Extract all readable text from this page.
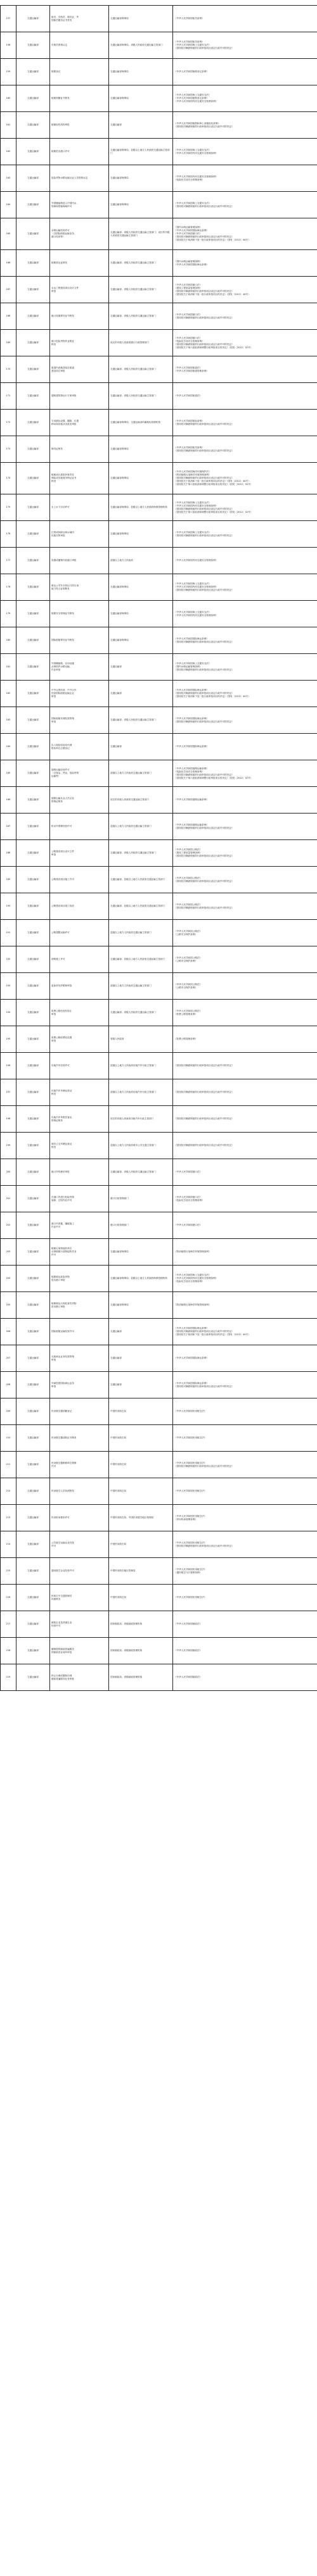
157	交通运输部	船员、引航员、海员证、外
国船员服务证书签发	交通运输部海事局	《中华人民共和国船员条例》

158	交通运输部	引航员资格认定	交通运输部海事局；省级人民政府交通运输主管部门	《中华人民共和国船员条例》
《中华人民共和国海上交通安全法》
《国务院对确需保留的行政审批项目设定行政许可的决定》

159	交通运输部	船舶登记	交通运输部海事局	《中华人民共和国船舶登记条例》

160	交通运输部	船舶国籍证书核发	交通运输部海事局	《中华人民共和国海上交通安全法》
《中华人民共和国船舶登记条例》
《中华人民共和国内河交通安全管理条例》

161	交通运输部	船舶检验机构审批	交通运输部	《中华人民共和国船舶和海上设施检验条例》
《国务院对确需保留的行政审批项目设定行政许可的决定》

162	交通运输部	船舶进出港口许可	交通运输部海事局；县级以上地方人民政府交通运输主管部门	《中华人民共和国海上交通安全法》
《中华人民共和国内河交通安全管理条例》

163	交通运输部	危险货物水路运输从业人员资格认定	交通运输部海事局	《中华人民共和国内河交通安全管理条例》
《危险化学品安全管理条例》

164	交通运输部	外国籍船舶进入中国内水、
领海和管辖海域许可	交通运输部海事局	《中华人民共和国海上交通安全法》
《国务院对确需保留的行政审批项目设定行政许可的决定》

165	交通运输部	水路运输经营许可
（含国际船舶运输业务、
港口经营等）	交通运输部；省级人民政府交通运输主管部门；设区的市级人民政府交通运输主管部门	《国内水路运输管理条例》
《中华人民共和国国际海运条例》
《中华人民共和国港口法》
《国务院对确需保留的行政审批项目设定行政许可的决定》
《国务院关于取消和下放一批行政审批项目的决定》（国发〔2013〕44号）

166	交通运输部	船舶营运证核发	交通运输部；省级人民政府交通运输主管部门	《国内水路运输管理条例》
《中华人民共和国国际海运条例》

167	交通运输部	水运工程建设项目设计文件
审批	交通运输部；省级人民政府交通运输主管部门	《中华人民共和国港口法》
《建设工程质量管理条例》
《国务院对确需保留的行政审批项目设定行政许可的决定》
《国务院关于取消和下放一批行政审批项目的决定》（国发〔2013〕44号）

168	交通运输部	港口设施保安证书核发	交通运输部；省级人民政府交通运输主管部门	《中华人民共和国港口法》
《国务院对确需保留的行政审批项目设定行政许可的决定》

169	交通运输部	港口危险货物作业附证
核发	设区的市级人民政府港口行政管理部门	《中华人民共和国港口法》
《危险化学品安全管理条例》
《国务院对确需保留的行政审批项目设定行政许可的决定》
《国务院关于第六批取消和调整行政审批项目的决定》（国发〔2012〕52号）

170	交通运输部	航道内设施及临近航道
建设项目审批	交通运输部；省级人民政府交通运输主管部门	《中华人民共和国航道法》
《中华人民共和国航道管理条例》

171	交通运输部	通航建筑物运行方案审批	交通运输部；省级人民政府交通运输主管部门	《中华人民共和国航道法》

172	交通运输部	专用航标设置、撤除、位置
移动和其他状况改变审批	交通运输部海事局；交通运输部所属航标管理机构	《中华人民共和国航标条例》
《国务院对确需保留的行政审批项目设定行政许可的决定》

173	交通运输部	海员证核发	交通运输部海事局	《中华人民共和国船员条例》
《国务院对确需保留的行政审批项目设定行政许可的决定》

174	交通运输部	船舶油污损害民事责任
保险或其他财务保证证书
核发	交通运输部海事局	《中华人民共和国海洋环境保护法》
《防治船舶污染海洋环境管理条例》
《国务院对确需保留的行政审批项目设定行政许可的决定》
《国务院关于取消和下放一批行政审批项目的决定》（国发〔2013〕44号）
《国务院关于第六批取消和调整行政审批项目的决定》（国发〔2012〕52号）

175	交通运输部	水上水下活动许可	交通运输部海事局；县级以上地方人民政府海事管理机构	《中华人民共和国海上交通安全法》
《中华人民共和国内河交通安全管理条例》
《国务院对确需保留的行政审批项目设定行政许可的决定》
《国务院关于第六批取消和调整行政审批项目的决定》（国发〔2012〕52号）

176	交通运输部	打捞或拆除沿海水域内
沉船沉物审批	交通运输部海事局	《中华人民共和国海上交通安全法》
《国务院对确需保留的行政审批项目设定行政许可的决定》

177	交通运输部	设置或撤销内河渡口审批	县级以上地方人民政府	《中华人民共和国内河交通安全管理条例》

178	交通运输部	航运公司安全营运与防污染
能力符合证明核发	交通运输部海事局	《中华人民共和国海上交通安全法》
《中华人民共和国内河交通安全管理条例》
《国务院对确需保留的行政审批项目设定行政许可的决定》

179	交通运输部	船舶安全管理证书核发	交通运输部海事局	《中华人民共和国海上交通安全法》
《中华人民共和国内河交通安全管理条例》

180	交通运输部	国际船舶保安证书核发	交通运输部海事局	《中华人民共和国国际海运条例》
《国务院对确需保留的行政审批项目设定行政许可的决定》

181	交通运输部	外国籍船舶、浮动设施
从事国内水路运输、
作业审批	交通运输部	《中华人民共和国海上交通安全法》
《国内水路运输管理条例》
《国务院对确需保留的行政审批项目设定行政许可的决定》

182	交通运输部	中外合资经营、中外合作
经营国际船舶运输企业
审批	交通运输部	《中华人民共和国国际海运条例》
《国务院对确需保留的行政审批项目设定行政许可的决定》
《国务院关于取消和下放一批行政审批项目的决定》（国发〔2013〕44号）

183	交通运输部	国际船舶代理经营资格
审批	交通运输部；省级人民政府交通运输主管部门	《中华人民共和国国际海运条例》
《国务院对确需保留的行政审批项目设定行政许可的决定》

184	交通运输部	出入境检验检疫代理
报检单位注册登记	交通运输部	《中华人民共和国国际海运条例》

185	交通运输部	道路运输经营许可
（含客运、货运、危险货物
运输等）	县级以上地方人民政府交通运输主管部门	《中华人民共和国道路运输条例》
《危险化学品安全管理条例》
《国务院对确需保留的行政审批项目设定行政许可的决定》
《国务院关于第六批取消和调整行政审批项目的决定》（国发〔2012〕52号）

186	交通运输部	道路运输从业人员从业
资格证核发	设区的市级人民政府交通运输主管部门	《中华人民共和国道路运输条例》

187	交通运输部	机动车维修经营许可	县级以上地方人民政府交通运输主管部门	《中华人民共和国道路运输条例》
《国务院对确需保留的行政审批项目设定行政许可的决定》

188	交通运输部	公路建设项目设计文件
审批	交通运输部；省级人民政府交通运输主管部门	《中华人民共和国公路法》
《建设工程质量管理条例》
《国务院对确需保留的行政审批项目设定行政许可的决定》

189	交通运输部	公路建设项目施工许可	交通运输部；县级以上地方人民政府交通运输主管部门	《中华人民共和国公路法》
《国务院对确需保留的行政审批项目设定行政许可的决定》

190	交通运输部	公路建设项目竣工验收	交通运输部；县级以上地方人民政府交通运输主管部门	《中华人民共和国公路法》
《国务院对确需保留的行政审批项目设定行政许可的决定》

191	交通运输部	公路超限运输许可	县级以上地方人民政府交通运输主管部门	《中华人民共和国公路法》
《公路安全保护条例》

192	交通运输部	涉路施工许可	交通运输部；县级以上地方人民政府交通运输主管部门	《中华人民共和国公路法》
《公路安全保护条例》

193	交通运输部	更新采伐护路林审批	县级以上地方人民政府交通运输主管部门	《中华人民共和国公路法》
《公路安全保护条例》

194	交通运输部	收费公路经营权转让
审批	交通运输部；省级人民政府交通运输主管部门	《中华人民共和国公路法》
《收费公路管理条例》

195	交通运输部	收费公路收费站设置
审批	省级人民政府	《收费公路管理条例》

196	交通运输部	出租汽车经营许可	县级以上地方人民政府出租汽车行政主管部门	《国务院对确需保留的行政审批项目设定行政许可的决定》

197	交通运输部	出租汽车车辆运营证
核发	县级以上地方人民政府出租汽车行政主管部门	《国务院对确需保留的行政审批项目设定行政许可的决定》

198	交通运输部	出租汽车驾驶员客运
资格证核发	设区的市级人民政府出租汽车行政主管部门	《国务院对确需保留的行政审批项目设定行政许可的决定》

199	交通运输部	城市公交车辆运营证
核发	县级以上地方人民政府城市公共交通主管部门	《国务院对确需保留的行政审批项目设定行政许可的决定》

200	交通运输部	港口岸线使用审批	交通运输部；省级人民政府交通运输主管部门	《中华人民共和国港口法》

201	交通运输部	在港口内进行危险货物
装卸、过驳作业许可	港口行政管理部门	《中华人民共和国港口法》
《危险化学品安全管理条例》

202	交通运输部	港口内采掘、爆破施工
作业许可	港口行政管理部门	《中华人民共和国港口法》

203	交通运输部	船舶污染物接收单位
从事船舶污染物接收作业
许可	交通运输部海事局	《防治船舶污染海洋环境管理条例》

204	交通运输部	船舶载运危险货物
进出港口审批	交通运输部海事局；县级以上地方人民政府海事管理机构	《中华人民共和国海上交通安全法》
《中华人民共和国内河交通安全管理条例》
《危险化学品安全管理条例》

205	交通运输部	船舶载运污染危害性货物
进出港口审批	交通运输部海事局	《防治船舶污染海洋环境管理条例》

206	交通运输部	国际船舶运输经营许可	交通运输部	《中华人民共和国国际海运条例》
《国务院对确需保留的行政审批项目设定行政许可的决定》
《国务院关于取消和下放一批行政审批项目的决定》（国发〔2013〕44号）

207	交通运输部	无船承运业务经营资格
审批	交通运输部	《中华人民共和国国际海运条例》

208	交通运输部	外商投资国际海运业务
审批	交通运输部	《中华人民共和国国际海运条例》
《国务院对确需保留的行政审批项目设定行政许可的决定》

209	交通运输部	民用航空器国籍登记	中国民用航空局	《中华人民共和国民用航空法》

210	交通运输部	民用航空器适航证书核发	中国民用航空局	《中华人民共和国民用航空法》

211	交通运输部	民用航空器维修单位维修
许可	中国民用航空局	《中华人民共和国民用航空法》
《国务院对确需保留的行政审批项目设定行政许可的决定》

212	交通运输部	民用航空人员执照核发	中国民用航空局	《中华人民共和国民用航空法》

213	交通运输部	民用机场使用许可	中国民用航空局；中国民用航空地区管理局	《中华人民共和国民用航空法》
《民用机场管理条例》

214	交通运输部	公共航空运输企业经营
许可	中国民用航空局	《中华人民共和国民用航空法》
《国务院对确需保留的行政审批项目设定行政许可的决定》

215	交通运输部	通用航空企业经营许可	中国民用航空地区管理局	《中华人民共和国民用航空法》
《通用航空飞行管制条例》

216	交通运输部	民航空中交通管制员
执照核发	中国民用航空局	《中华人民共和国民用航空法》

217	交通运输部	邮政企业及快递企业
经营许可	国家邮政局；省级邮政管理机构	《中华人民共和国邮政法》

218	交通运输部	撤销提供邮政普遍服务
的邮政营业场所审批	国家邮政局；省级邮政管理机构	《中华人民共和国邮政法》

219	交通运输部	停止办理或限制办理
邮政普遍服务业务审批	国家邮政局；省级邮政管理机构	《中华人民共和国邮政法》
